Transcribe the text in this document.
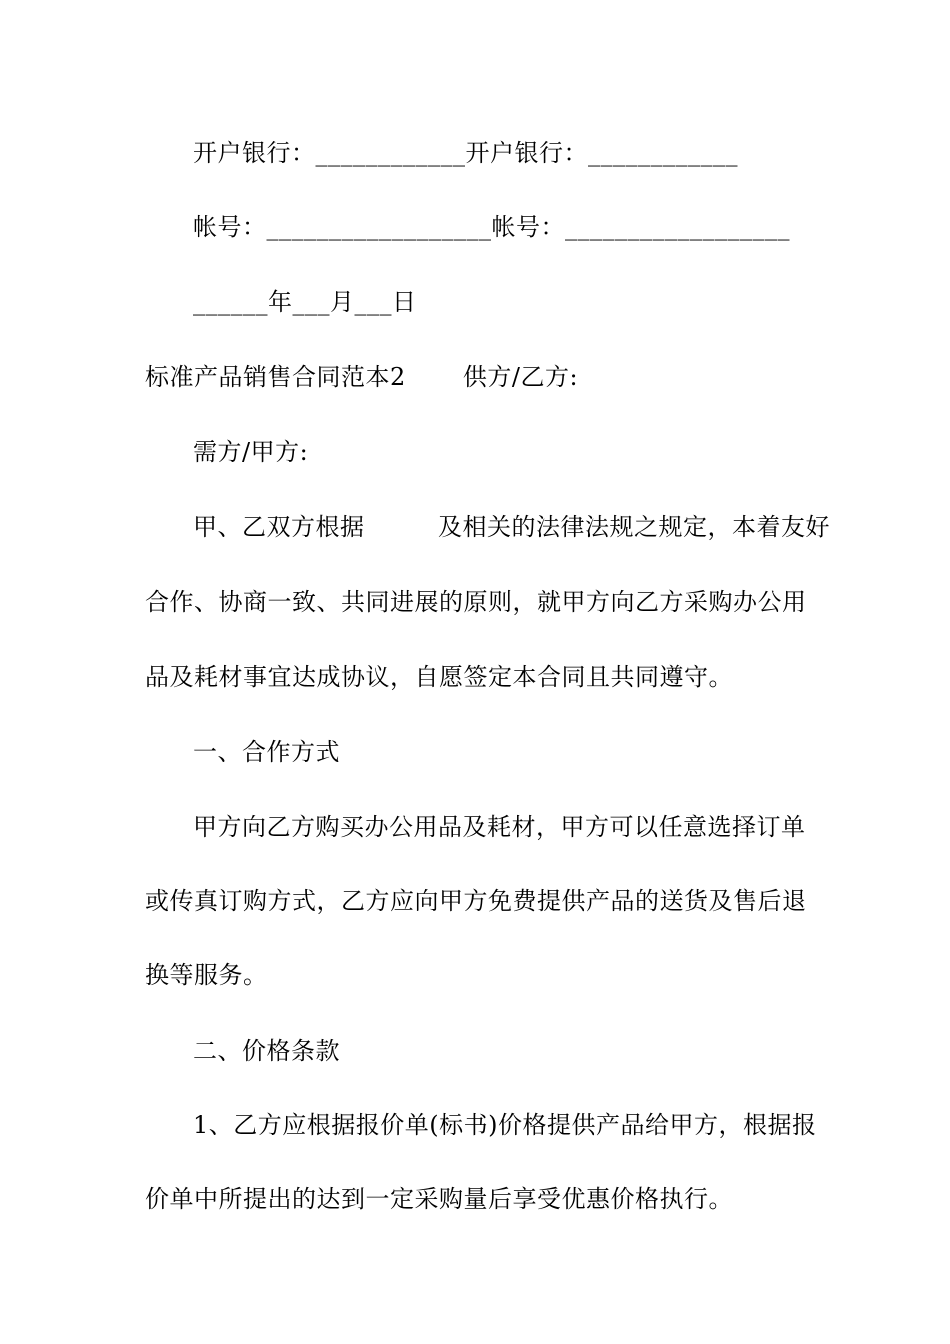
开户银行：____________开户银行：____________
帐号：__________________帐号：__________________
______年___月___日
标准产品销售合同范本2　　 供方/乙方:
需方/甲方:
甲、乙双方根据　　　及相关的法律法规之规定，本着友好
合作、协商一致、共同进展的原则，就甲方向乙方采购办公用
品及耗材事宜达成协议，自愿签定本合同且共同遵守。
一、合作方式
甲方向乙方购买办公用品及耗材，甲方可以任意选择订单
或传真订购方式，乙方应向甲方免费提供产品的送货及售后退
换等服务。
二、价格条款
1、乙方应根据报价单(标书)价格提供产品给甲方，根据报
价单中所提出的达到一定采购量后享受优惠价格执行。
